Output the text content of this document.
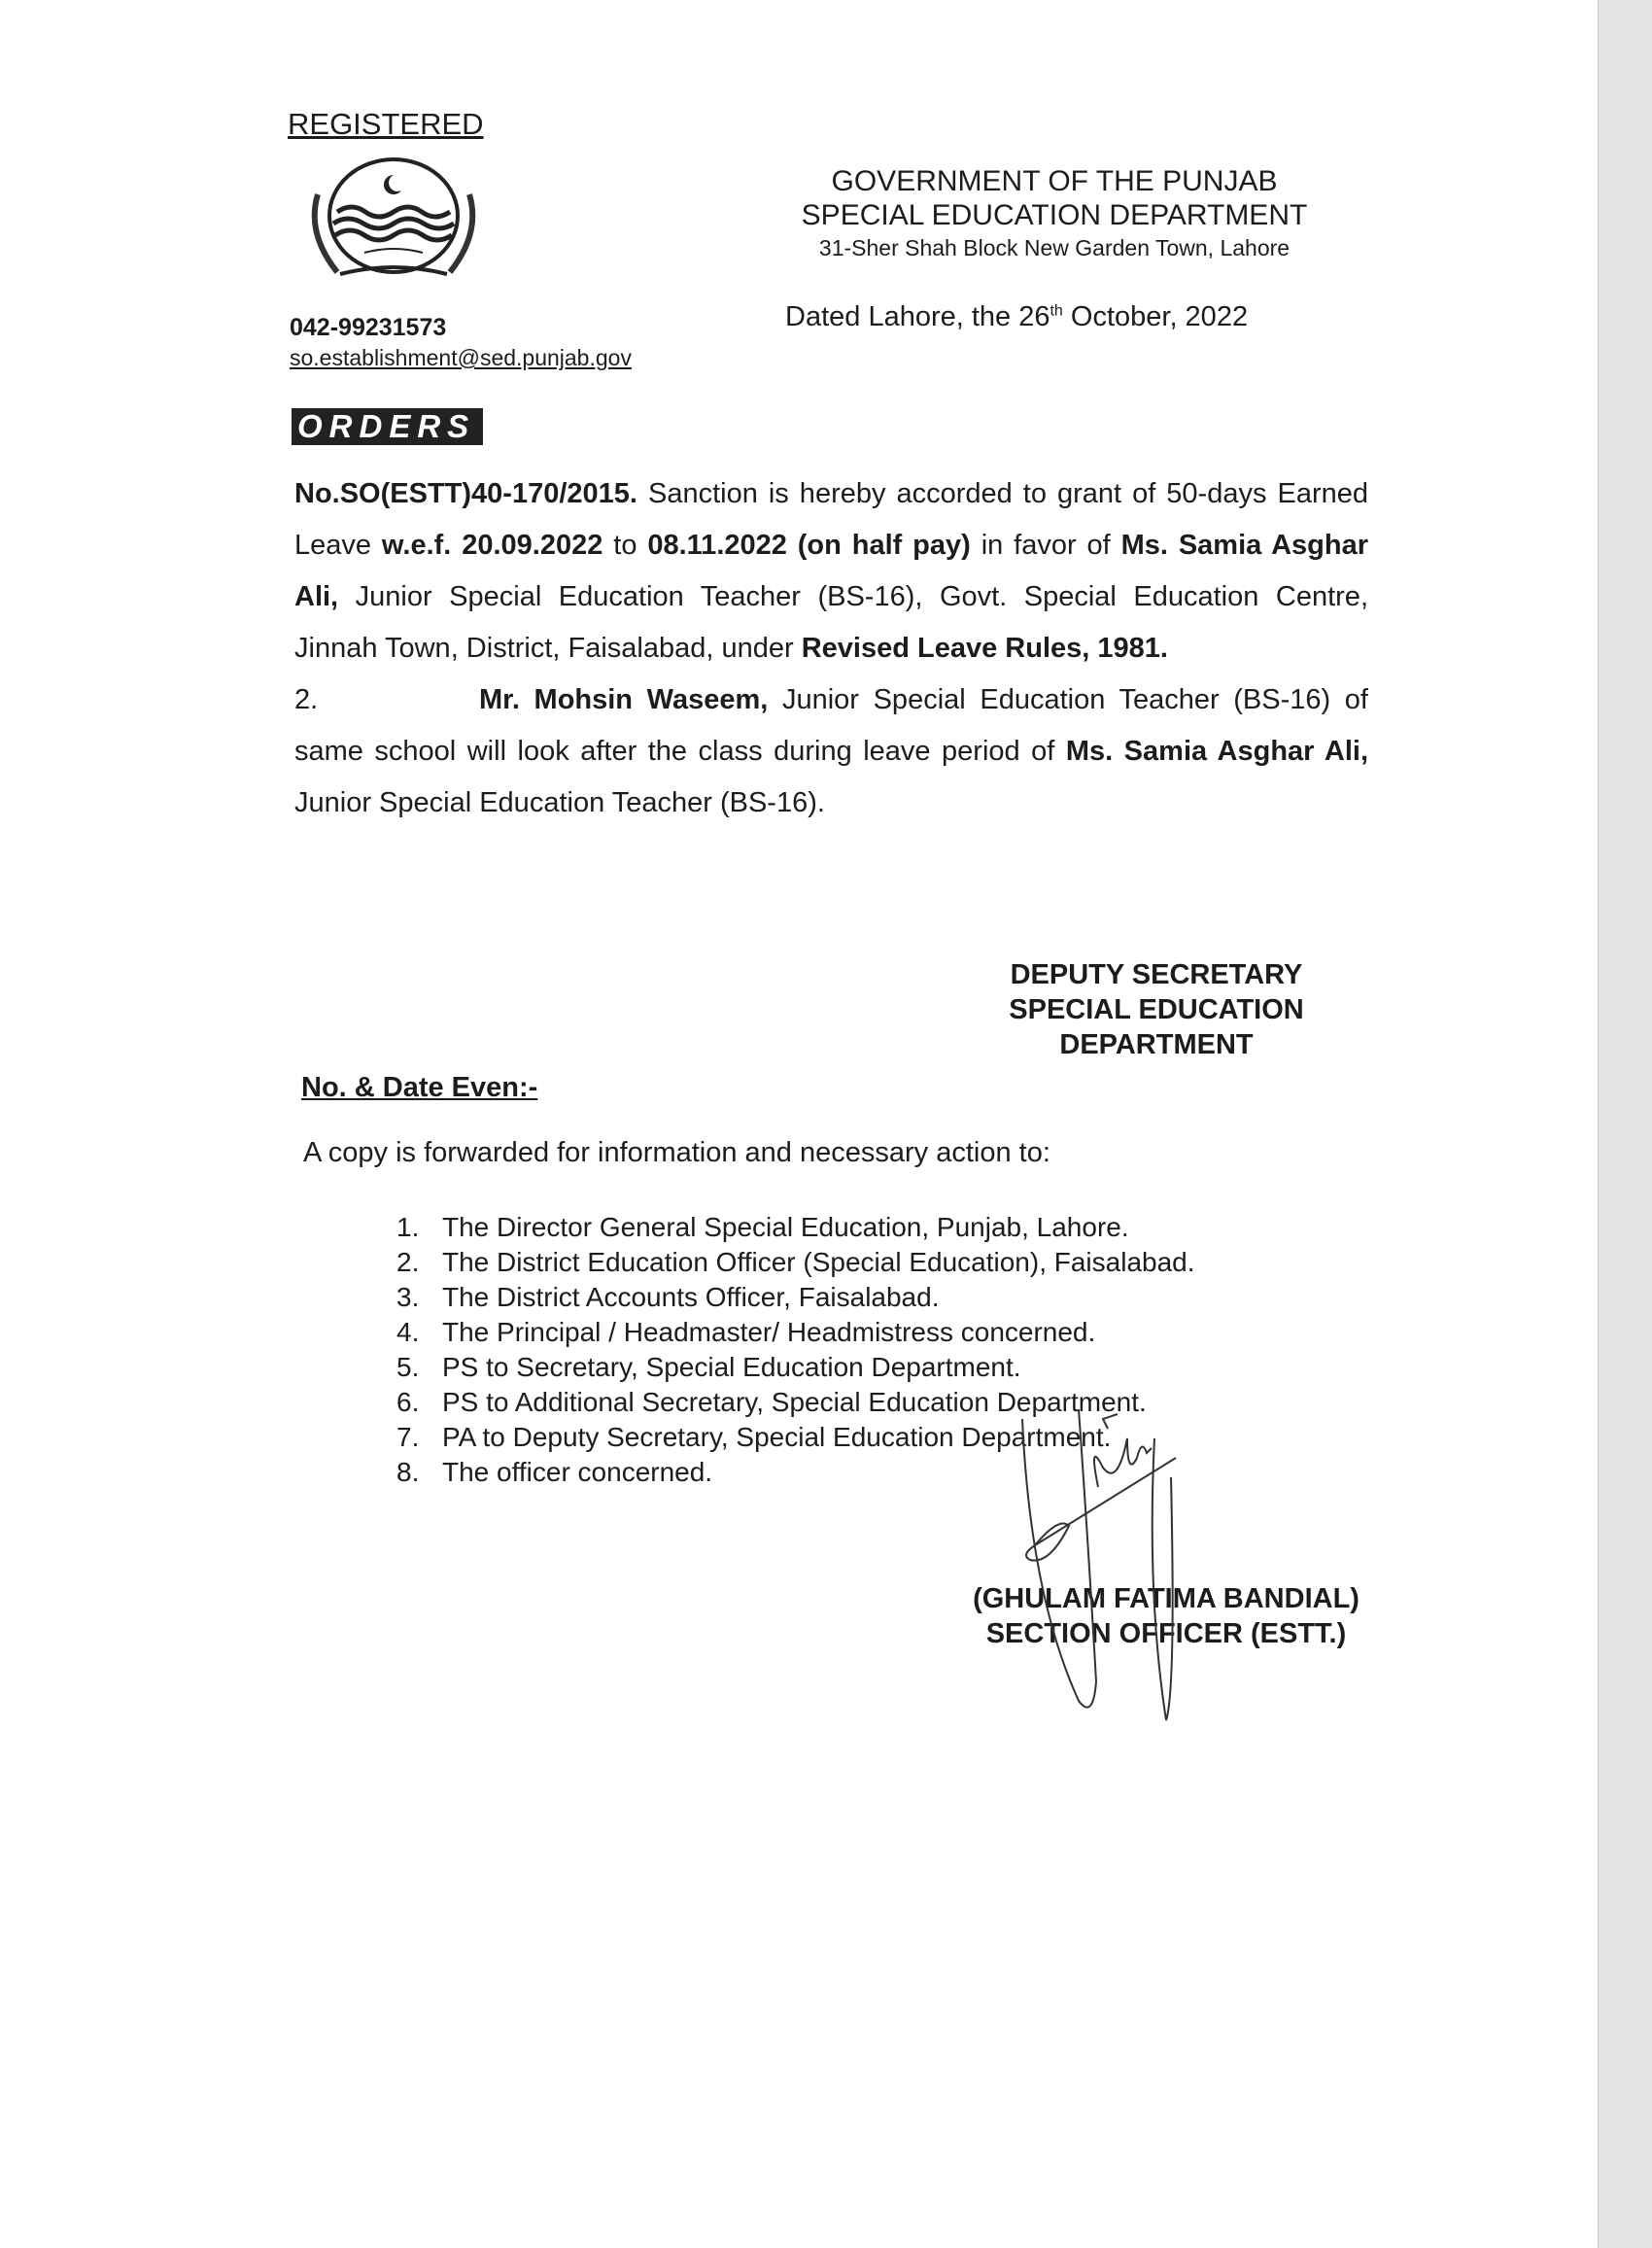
REGISTERED
042-99231573
so.establishment@sed.punjab.gov
GOVERNMENT OF THE PUNJAB
SPECIAL EDUCATION DEPARTMENT
31-Sher Shah Block New Garden Town, Lahore
Dated Lahore, the 26th October, 2022
ORDERS

No.SO(ESTT)40-170/2015. Sanction is hereby accorded to grant of 50-days Earned Leave w.e.f. 20.09.2022 to 08.11.2022 (on half pay) in favor of Ms. Samia Asghar Ali, Junior Special Education Teacher (BS-16), Govt. Special Education Centre, Jinnah Town, District, Faisalabad, under Revised Leave Rules, 1981.

2.	Mr. Mohsin Waseem, Junior Special Education Teacher (BS-16) of same school will look after the class during leave period of Ms. Samia Asghar Ali, Junior Special Education Teacher (BS-16).

DEPUTY SECRETARY
SPECIAL EDUCATION
DEPARTMENT
No. & Date Even:-
A copy is forwarded for information and necessary action to:
1. The Director General Special Education, Punjab, Lahore.
2. The District Education Officer (Special Education), Faisalabad.
3. The District Accounts Officer, Faisalabad.
4. The Principal / Headmaster/ Headmistress concerned.
5. PS to Secretary, Special Education Department.
6. PS to Additional Secretary, Special Education Department.
7. PA to Deputy Secretary, Special Education Department.
8. The officer concerned.
(GHULAM FATIMA BANDIAL)
SECTION OFFICER (ESTT.)
